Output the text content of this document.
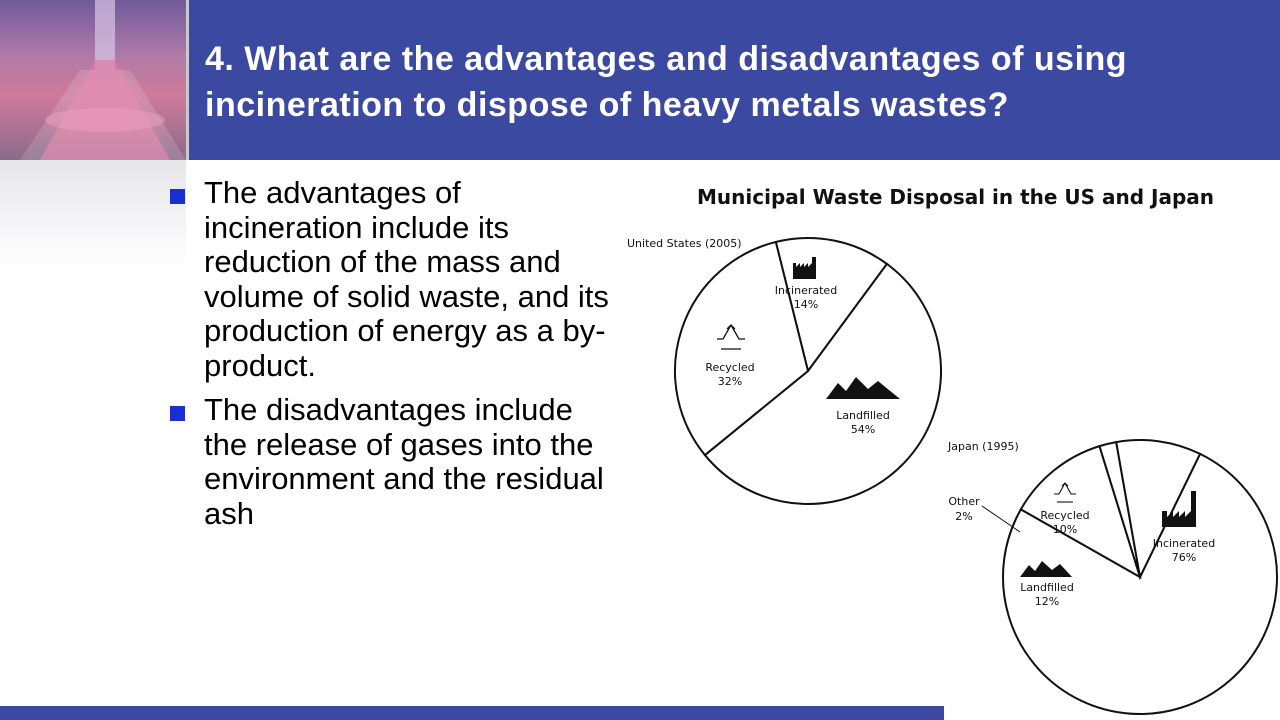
4. What are the advantages and disadvantages of using incineration to dispose of heavy metals wastes?
The advantages of incineration include its reduction of the mass and volume of solid waste, and its production of energy as a by-product.
The disadvantages include the release of gases into the environment and the residual ash
Municipal Waste Disposal in the US and Japan
United States (2005)
Japan (1995)
Incinerated
14%
Landfilled
54%
Recycled
32%
Incinerated
76%
Landfilled
12%
Other
2%	Recycled
10%
